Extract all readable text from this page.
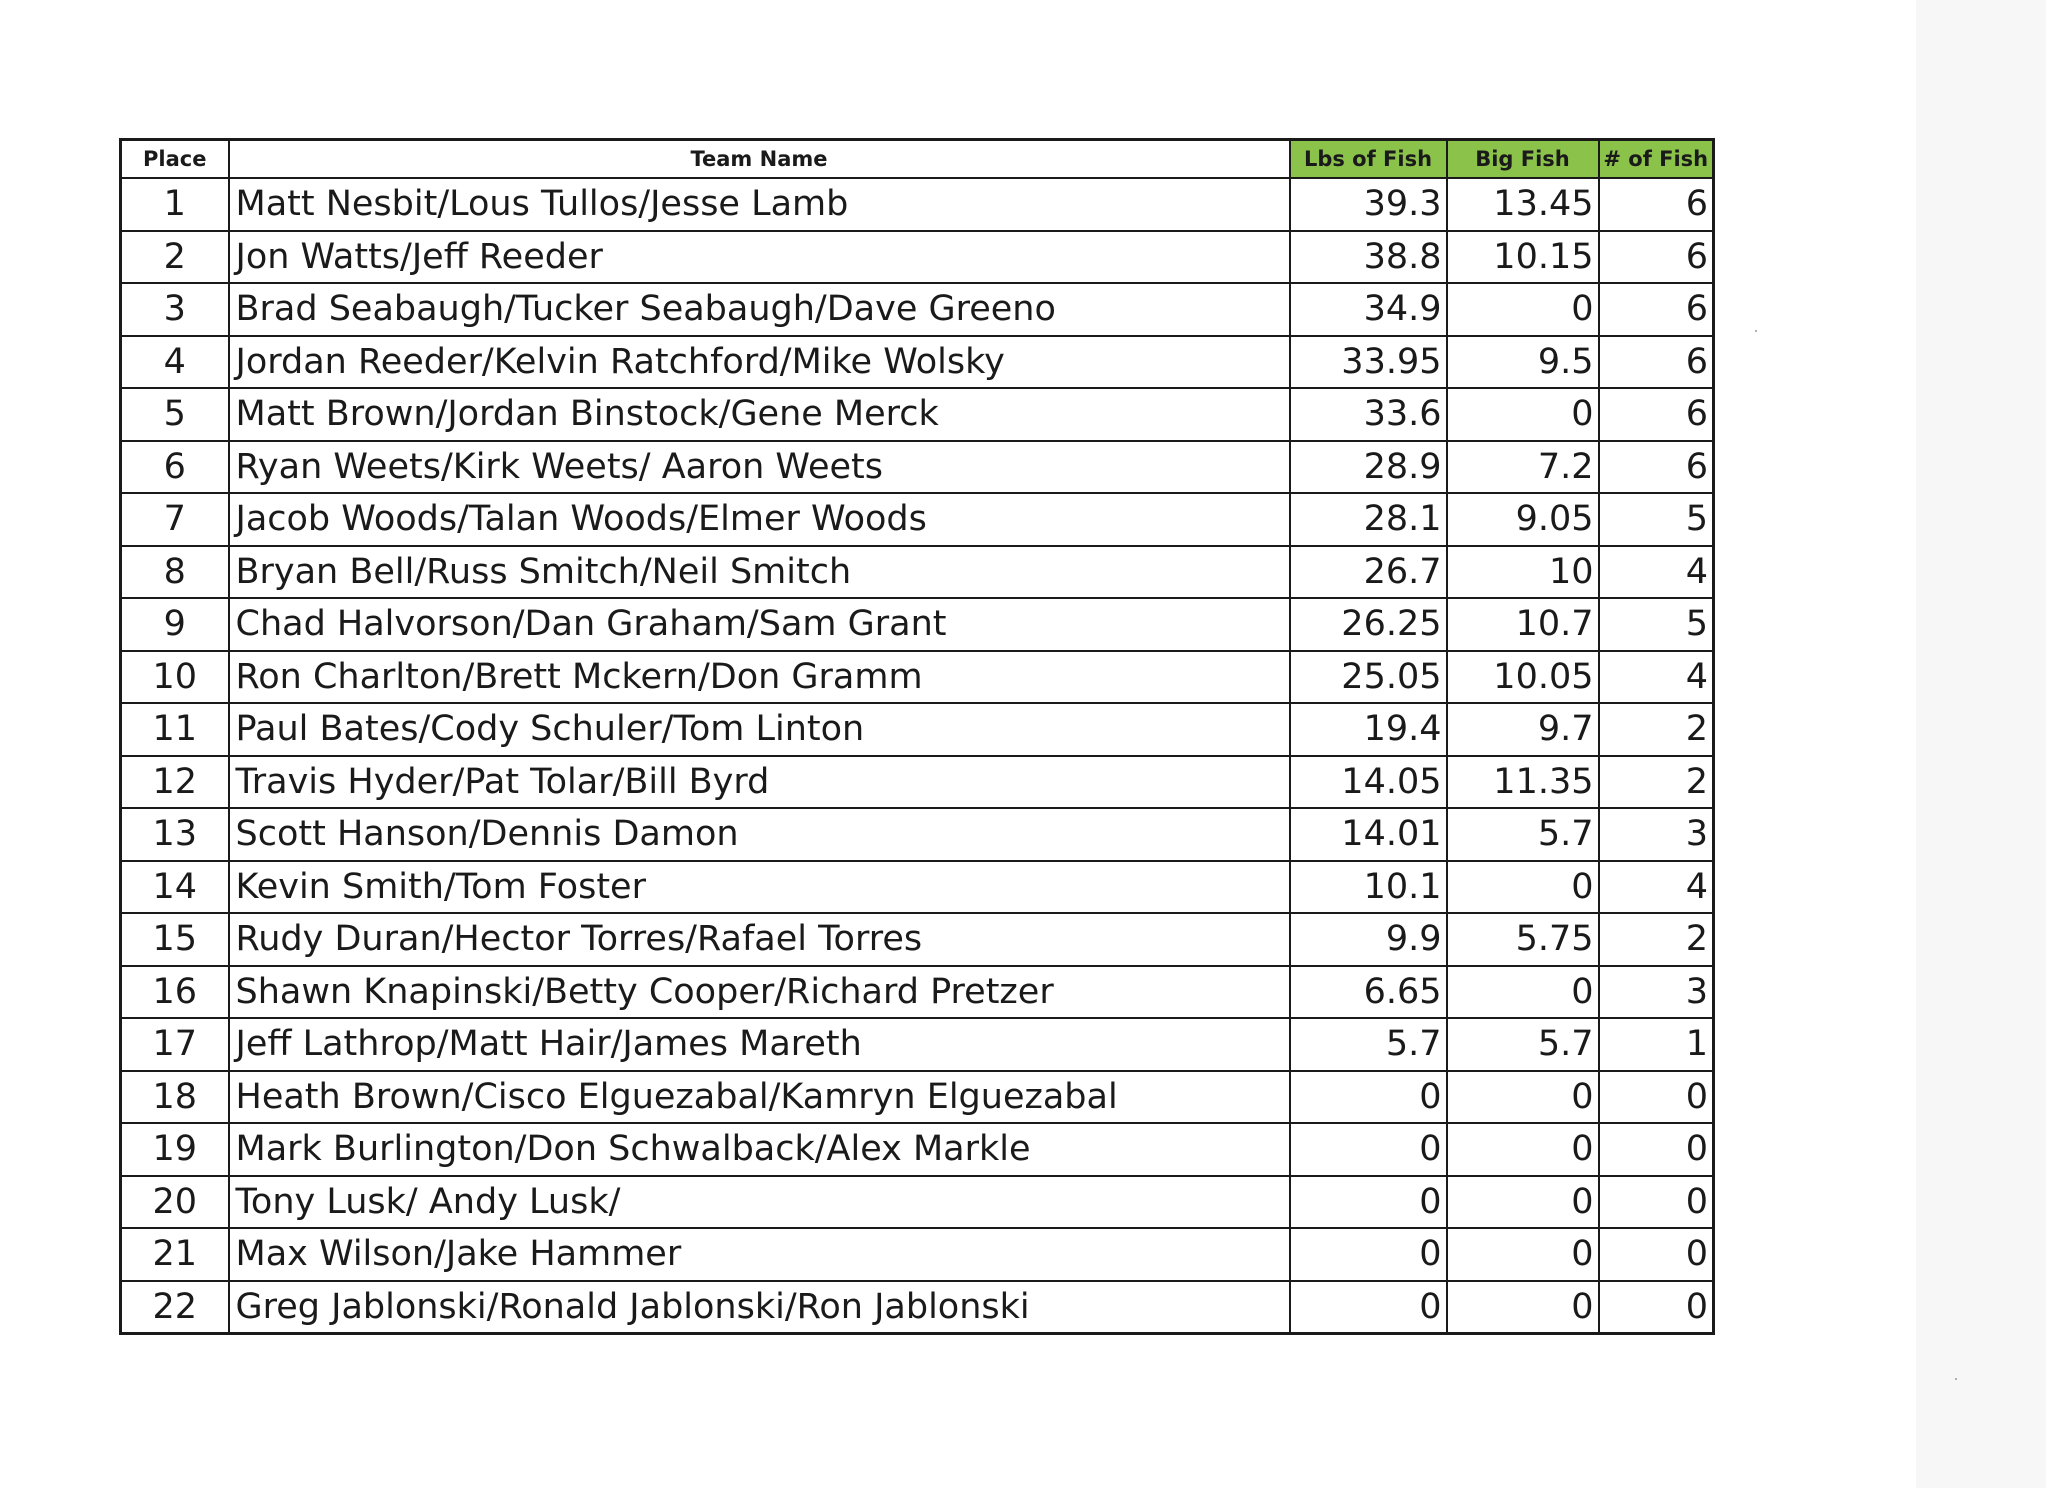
Place	Team Name	Lbs of Fish	Big Fish	# of Fish
1	Matt Nesbit/Lous Tullos/Jesse Lamb	39.3	13.45	6
2	Jon Watts/Jeff Reeder	38.8	10.15	6
3	Brad Seabaugh/Tucker Seabaugh/Dave Greeno	34.9	0	6
4	Jordan Reeder/Kelvin Ratchford/Mike Wolsky	33.95	9.5	6
5	Matt Brown/Jordan Binstock/Gene Merck	33.6	0	6
6	Ryan Weets/Kirk Weets/ Aaron Weets	28.9	7.2	6
7	Jacob Woods/Talan Woods/Elmer Woods	28.1	9.05	5
8	Bryan Bell/Russ Smitch/Neil Smitch	26.7	10	4
9	Chad Halvorson/Dan Graham/Sam Grant	26.25	10.7	5
10	Ron Charlton/Brett Mckern/Don Gramm	25.05	10.05	4
11	Paul Bates/Cody Schuler/Tom Linton	19.4	9.7	2
12	Travis Hyder/Pat Tolar/Bill Byrd	14.05	11.35	2
13	Scott Hanson/Dennis Damon	14.01	5.7	3
14	Kevin Smith/Tom Foster	10.1	0	4
15	Rudy Duran/Hector Torres/Rafael Torres	9.9	5.75	2
16	Shawn Knapinski/Betty Cooper/Richard Pretzer	6.65	0	3
17	Jeff Lathrop/Matt Hair/James Mareth	5.7	5.7	1
18	Heath Brown/Cisco Elguezabal/Kamryn Elguezabal	0	0	0
19	Mark Burlington/Don Schwalback/Alex Markle	0	0	0
20	Tony Lusk/ Andy Lusk/	0	0	0
21	Max Wilson/Jake Hammer	0	0	0
22	Greg Jablonski/Ronald Jablonski/Ron Jablonski	0	0	0
